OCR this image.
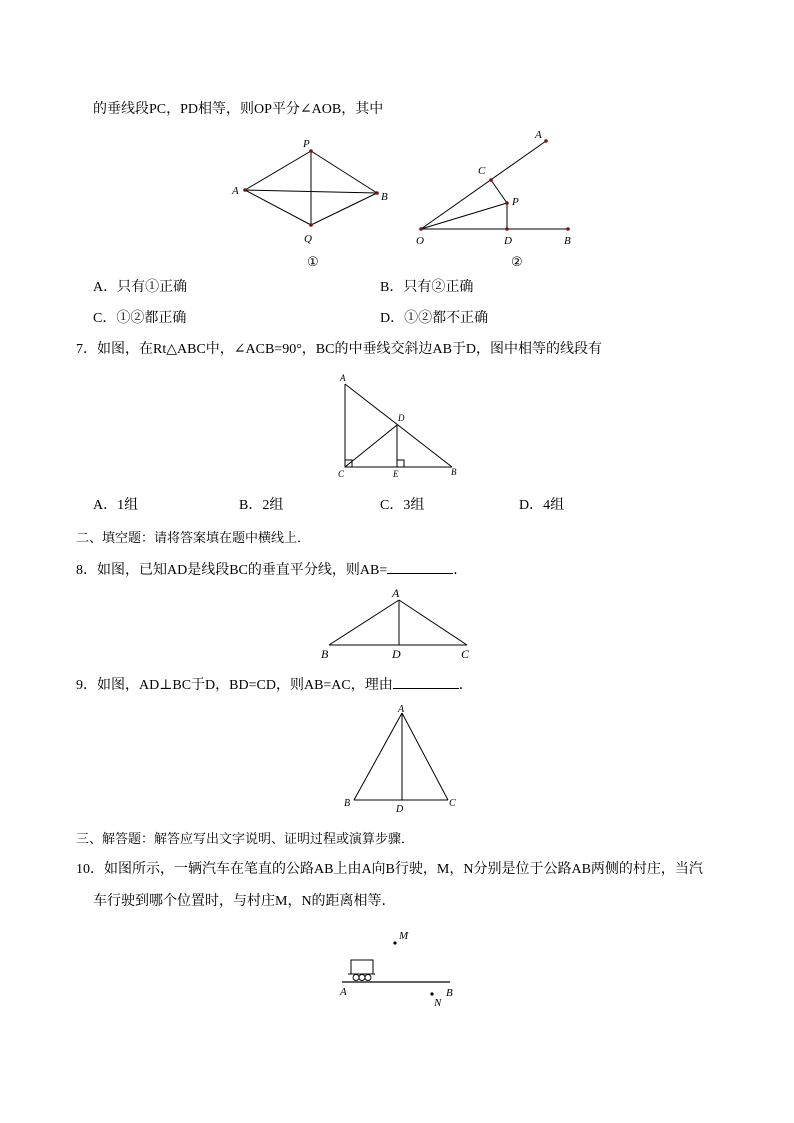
的垂线段PC，PD相等，则OP平分∠AOB，其中
P
A	B
Q
①
A
C
P
O	D	B
②
A．只有①正确	B．只有②正确
C．①②都正确	D．①②都不正确
7．如图，在Rt△ABC中，∠ACB=90°，BC的中垂线交斜边AB于D，图中相等的线段有
A
D
C	E	B
A．1组	B．2组	C．3组	D．4组
二、填空题：请将答案填在题中横线上．
8．如图，已知AD是线段BC的垂直平分线，则AB=	．
A
B	D	C
9．如图，AD⊥BC于D，BD=CD，则AB=AC，理由	．
A
B
D
C
三、解答题：解答应写出文字说明、证明过程或演算步骤．
10．如图所示，一辆汽车在笔直的公路AB上由A向B行驶，M，N分别是位于公路AB两侧的村庄，当汽
车行驶到哪个位置时，与村庄M，N的距离相等．
M
A	B
N
